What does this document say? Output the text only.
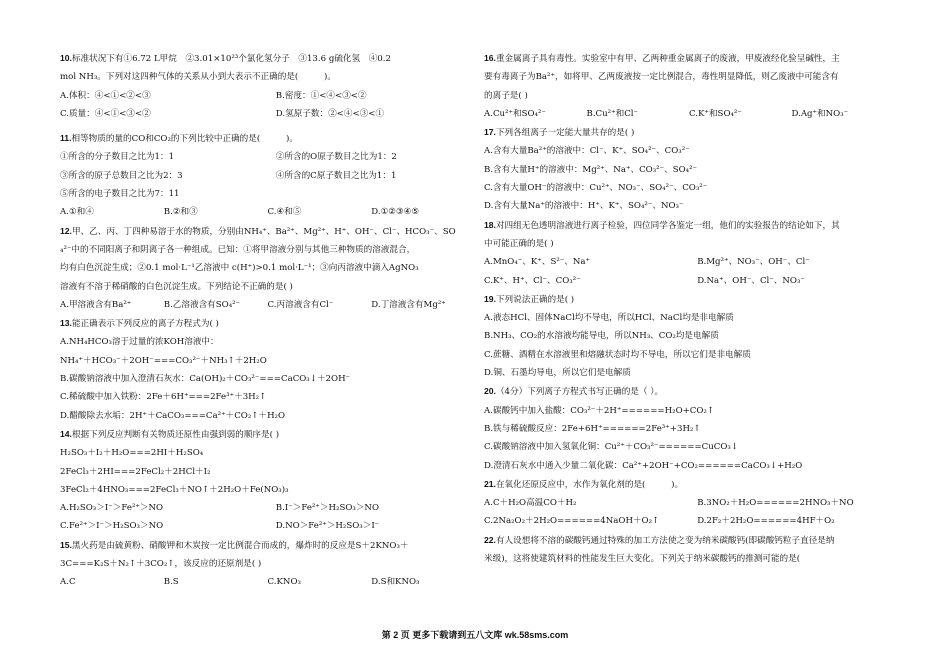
10.标准状况下有①6.72 L甲烷　②3.01×10²³个氯化氢分子　③13.6 g硫化氢　④0.2
mol NH₃。下列对这四种气体的关系从小到大表示不正确的是(　　　)。
A.体积：④<①<②<③	B.密度：①<④<③<②
C.质量：④<①<③<②	D.氢原子数：②<④<③<①
11.相等物质的量的CO和CO₂的下列比较中正确的是(　　　)。
①所含的分子数目之比为1：1	②所含的O原子数目之比为1：2
③所含的原子总数目之比为2：3	④所含的C原子数目之比为1：1
⑤所含的电子数目之比为7：11
A.①和④	B.②和③	C.④和⑤	D.①②③④⑤
12.甲、乙、丙、丁四种易溶于水的物质，分别由NH₄⁺、Ba²⁺、Mg²⁺、H⁺、OH⁻、Cl⁻、HCO₃⁻、SO
₄²⁻中的不同阳离子和阴离子各一种组成。已知：①将甲溶液分别与其他三种物质的溶液混合，
均有白色沉淀生成；②0.1 mol·L⁻¹乙溶液中 c(H⁺)>0.1 mol·L⁻¹；③向丙溶液中滴入AgNO₃
溶液有不溶于稀硝酸的白色沉淀生成。下列结论不正确的是( )
A.甲溶液含有Ba²⁺	B.乙溶液含有SO₄²⁻	C.丙溶液含有Cl⁻	D.丁溶液含有Mg²⁺
13.能正确表示下列反应的离子方程式为( )
A.NH₄HCO₃溶于过量的浓KOH溶液中：
NH₄⁺＋HCO₃⁻＋2OH⁻===CO₃²⁻＋NH₃↑＋2H₂O
B.碳酸钠溶液中加入澄清石灰水：Ca(OH)₂＋CO₃²⁻===CaCO₃↓＋2OH⁻
C.稀硫酸中加入铁粉：2Fe＋6H⁺===2Fe³⁺＋3H₂↑
D.醋酸除去水垢：2H⁺＋CaCO₃===Ca²⁺＋CO₂↑＋H₂O
14.根据下列反应判断有关物质还原性由强到弱的顺序是( )
H₂SO₃＋I₂＋H₂O===2HI＋H₂SO₄
2FeCl₃＋2HI===2FeCl₂＋2HCl＋I₂
3FeCl₂＋4HNO₃===2FeCl₃＋NO↑＋2H₂O＋Fe(NO₃)₃
A.H₂SO₃＞I⁻＞Fe²⁺＞NO	B.I⁻＞Fe²⁺＞H₂SO₃＞NO
C.Fe²⁺＞I⁻＞H₂SO₃＞NO	D.NO＞Fe²⁺＞H₂SO₃＞I⁻
15.黑火药是由硫黄粉、硝酸钾和木炭按一定比例混合而成的，爆炸时的反应是S＋2KNO₃＋
3C===K₂S＋N₂↑＋3CO₂↑，该反应的还原剂是( )
A.C	B.S	C.KNO₃	D.S和KNO₃
16.重金属离子具有毒性。实验室中有甲、乙两种重金属离子的废液，甲废液经化验呈碱性，主
要有毒离子为Ba²⁺，如将甲、乙两废液按一定比例混合，毒性明显降低，则乙废液中可能含有
的离子是( )
A.Cu²⁺和SO₄²⁻	B.Cu²⁺和Cl⁻	C.K⁺和SO₄²⁻	D.Ag⁺和NO₃⁻
17.下列各组离子一定能大量共存的是( )
A.含有大量Ba²⁺的溶液中：Cl⁻、K⁺、SO₄²⁻、CO₃²⁻
B.含有大量H⁺的溶液中：Mg²⁺、Na⁺、CO₃²⁻、SO₄²⁻
C.含有大量OH⁻的溶液中：Cu²⁺、NO₃⁻、SO₄²⁻、CO₃²⁻
D.含有大量Na⁺的溶液中：H⁺、K⁺、SO₄²⁻、NO₃⁻
18.对四组无色透明溶液进行离子检验，四位同学各鉴定一组，他们的实验报告的结论如下，其
中可能正确的是( )
A.MnO₄⁻、K⁺、S²⁻、Na⁺	B.Mg²⁺、NO₃⁻、OH⁻、Cl⁻
C.K⁺、H⁺、Cl⁻、CO₃²⁻	D.Na⁺、OH⁻、Cl⁻、NO₃⁻
19.下列说法正确的是( )
A.液态HCl、固体NaCl均不导电，所以HCl、NaCl均是非电解质
B.NH₃、CO₂的水溶液均能导电，所以NH₃、CO₂均是电解质
C.蔗糖、酒精在水溶液里和熔融状态时均不导电，所以它们是非电解质
D.铜、石墨均导电，所以它们是电解质
20.（4分）下列离子方程式书写正确的是（ ）。
A.碳酸钙中加入盐酸：CO₃²⁻＋2H⁺======H₂O+CO₂↑
B.铁与稀硫酸反应：2Fe+6H⁺======2Fe³⁺+3H₂↑
C.碳酸钠溶液中加入氢氧化铜：Cu²⁺＋CO₃²⁻======CuCO₃↓
D.澄清石灰水中通入少量二氧化碳：Ca²⁺+2OH⁻+CO₂======CaCO₃↓+H₂O
21.在氧化还原反应中，水作为氧化剂的是(　　　)。
A.C＋H₂O高温CO＋H₂	B.3NO₂＋H₂O======2HNO₃＋NO
C.2Na₂O₂＋2H₂O======4NaOH＋O₂↑	D.2F₂＋2H₂O======4HF＋O₂
22.有人设想将不溶的碳酸钙通过特殊的加工方法使之变为纳米碳酸钙(即碳酸钙粒子直径是纳
米级)，这将使建筑材料的性能发生巨大变化。下列关于纳米碳酸钙的推测可能的是(
第 2 页 更多下载请到五八文库 wk.58sms.com
